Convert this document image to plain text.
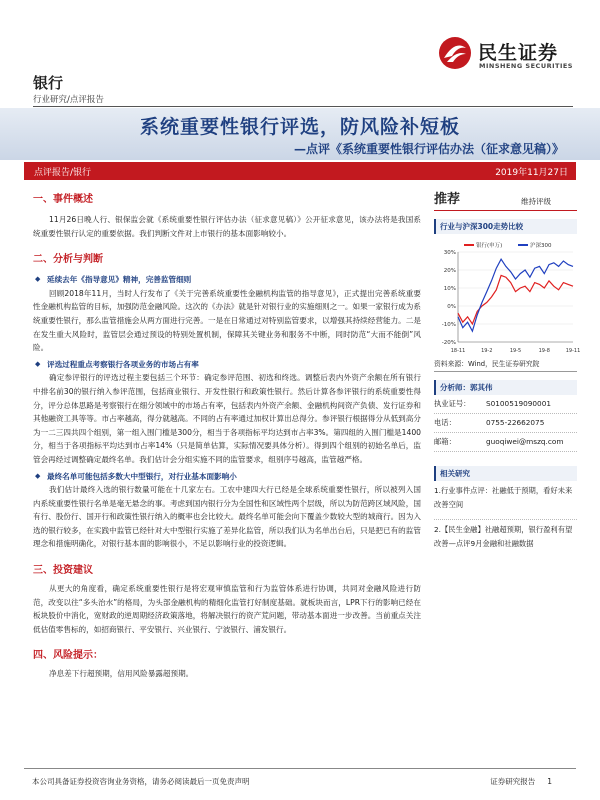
民生证券
MINSHENG SECURITIES
银行
行业研究/点评报告
系统重要性银行评选，防风险补短板
—点评《系统重要性银行评估办法（征求意见稿）》
点评报告/银行	2019年11月27日
一、事件概述
11月26日晚人行、银保监会就《系统重要性银行评估办法（征求意见稿）》公开征求意见，该办法将是我国系统重要性银行认定的重要依据。我们判断文件对上市银行的基本面影响较小。
二、分析与判断
◆ 延续去年《指导意见》精神，完善监管细则
回顾2018年11月，当时人行发布了《关于完善系统重要性金融机构监管的指导意见》，正式提出完善系统重要性金融机构监管的目标，加强防范金融风险。这次的《办法》就是针对银行业的实施细则之一。如果一家银行成为系统重要性银行，那么监管措施会从两方面进行完善。一是在日常通过对特别监管要求，以增强其持续经营能力。二是在发生重大风险时，监管层会通过预设的特别处置机制，保障其关键业务和服务不中断，同时防范“大而不能倒”风险。
◆ 评选过程重点考察银行各项业务的市场占有率
确定参评银行的评选过程主要包括三个环节：确定参评范围、初选和终选。调整后表内外资产余额在所有银行中排名前30的银行纳入参评范围，包括商业银行、开发性银行和政策性银行。然后计算各参评银行的系统重要性得分，评分总体思路是考察银行在细分领域中的市场占有率，包括表内外资产余额、金融机构间资产负债、发行证券和其他融资工具等等。市占率越高，得分就越高。不同的占有率通过加权计算出总得分。参评银行根据得分从低到高分为一二三四共四个组别，第一组入围门槛是300分，相当于各项指标平均达到市占率3%。第四组的入围门槛是1400分，相当于各项指标平均达到市占率14%（只是简单估算，实际情况要具体分析）。得到四个组别的初始名单后，监管会再经过调整确定最终名单。我们估计会分组实施不同的监管要求，组别序号越高，监管越严格。
◆ 最终名单可能包括多数大中型银行，对行业基本面影响小
我们估计最终入选的银行数量可能在十几家左右。工农中建四大行已经是全球系统重要性银行，所以被列入国内系统重要性银行名单是毫无悬念的事。考虑到国内银行分为全国性和区域性两个层级，所以为防范跨区域风险，国有行、股份行、国开行和政策性银行纳入的概率也会比较大。最终名单可能会向下覆盖少数较大型的城商行。因为入选的银行较多，在实践中监管已经针对大中型银行实施了差异化监管，所以我们认为名单出台后，只是把已有的监管理念和措施明确化，对银行基本面的影响很小，不足以影响行业的投资逻辑。
三、投资建议
从更大的角度看，确定系统重要性银行是将宏观审慎监管和行为监管体系进行协调，共同对金融风险进行防范，改变以往“多头治水”的格局，为头部金融机构的精细化监管打好制度基础。就板块而言，LPR下行的影响已经在板块股价中消化，宽财政的逆周期经济政策落地，将解决银行的资产荒问题，带动基本面进一步改善。当前重点关注低估值零售标的，如招商银行、平安银行、兴业银行、宁波银行、浦发银行。
四、风险提示：
净息差下行超预期，信用风险暴露超预期。
推荐	维持评级
行业与沪深300走势比较
30%
20%
10%
0%
-10%
-20%
18-11	19-2	19-5	19-8	19-11
银行(申万)	沪深300
资料来源：Wind，民生证券研究院
分析师：郭其伟
执业证号：	S0100519090001
电话：	0755-22662075
邮箱：	guoqiwei@mszq.com
相关研究
1.行业事件点评：社融低于预期，看好未来改善空间
2.【民生金融】社融超预期，银行盈利有望改善—点评9月金融和社融数据
本公司具备证券投资咨询业务资格，请务必阅读最后一页免责声明	证券研究报告 1
